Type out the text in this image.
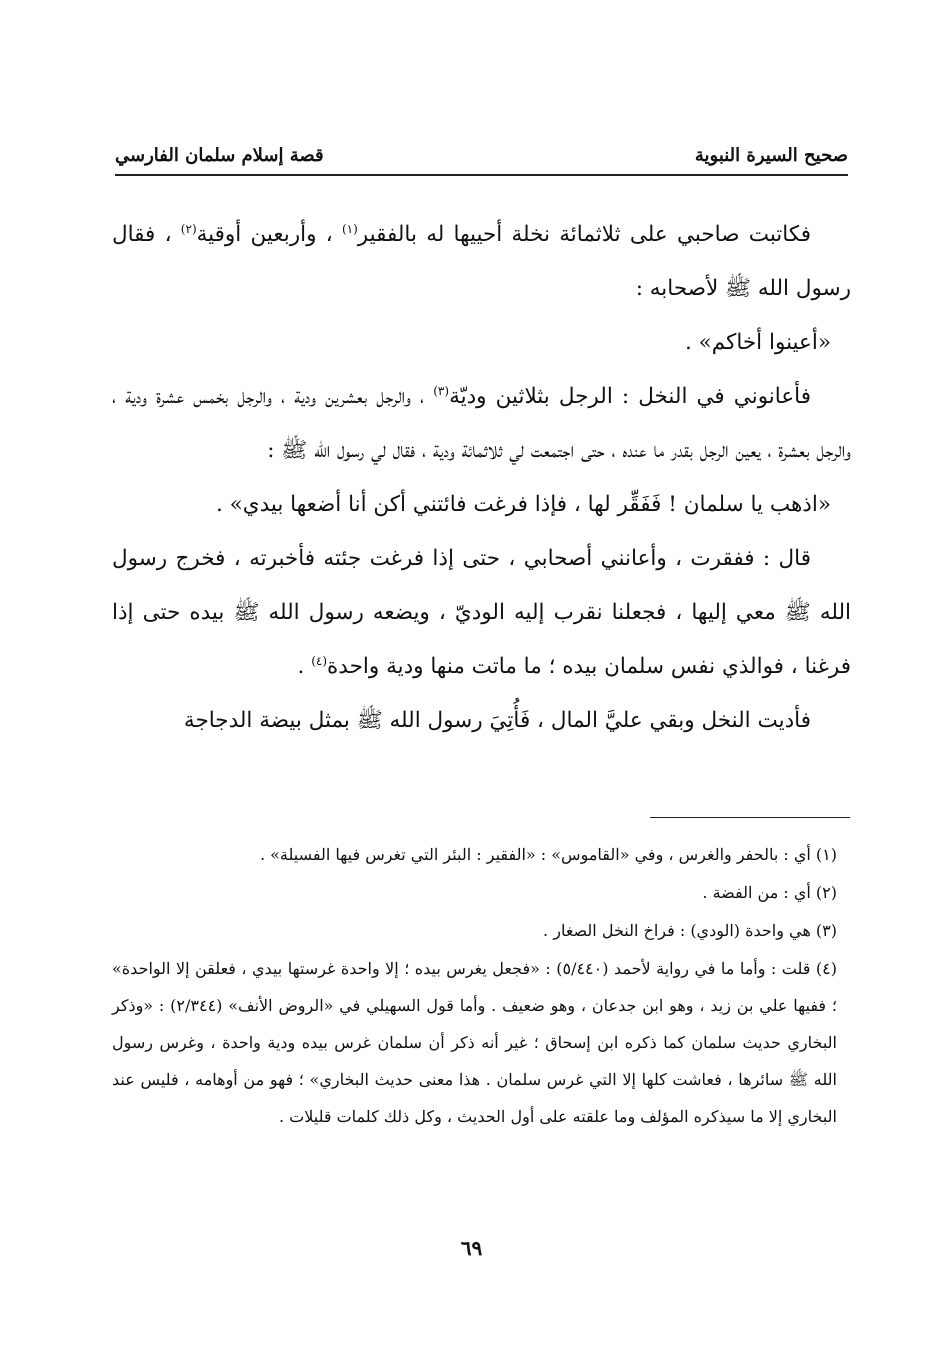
صحيح السيرة النبوية
قصة إسلام سلمان الفارسي

فكاتبت صاحبي على ثلاثمائة نخلة أحييها له بالفقير$^{(١)}$ ، وأربعين أوقية$^{(٢)}$ ، فقال رسول الله ﷺ لأصحابه :

«أعينوا أخاكم» .

فأعانوني في النخل : الرجل بثلاثين وديّة$^{(٣)}$ ، والرجل بعشرين ودية ، والرجل بخمس عشرة ودية ، والرجل بعشرة ، يعين الرجل بقدر ما عنده ، حتى اجتمعت لي ثلاثمائة ودية ، فقال لي رسول الله ﷺ :

«اذهب يا سلمان ! فَفَقِّر لها ، فإذا فرغت فائتني أكن أنا أضعها بيدي» .

قال : ففقرت ، وأعانني أصحابي ، حتى إذا فرغت جئته فأخبرته ، فخرج رسول الله ﷺ معي إليها ، فجعلنا نقرب إليه الوديّ ، ويضعه رسول الله ﷺ بيده حتى إذا فرغنا ، فوالذي نفس سلمان بيده ؛ ما ماتت منها ودية واحدة$^{(٤)}$ .

فأديت النخل وبقي عليَّ المال ، فَأُتِيَ رسول الله ﷺ بمثل بيضة الدجاجة

(١) أي : بالحفر والغرس ، وفي «القاموس» : «الفقير : البئر التي تغرس فيها الفسيلة» .

(٢) أي : من الفضة .

(٣) هي واحدة (الودي) : فراخ النخل الصغار .

(٤) قلت : وأما ما في رواية لأحمد (٥/٤٤٠) : «فجعل يغرس بيده ؛ إلا واحدة غرستها بيدي ، فعلقن إلا الواحدة» ؛ ففيها علي بن زيد ، وهو ابن جدعان ، وهو ضعيف . وأما قول السهيلي في «الروض الأنف» (٢/٣٤٤) : «وذكر البخاري حديث سلمان كما ذكره ابن إسحاق ؛ غير أنه ذكر أن سلمان غرس بيده ودية واحدة ، وغرس رسول الله ﷺ سائرها ، فعاشت كلها إلا التي غرس سلمان . هذا معنى حديث البخاري» ؛ فهو من أوهامه ، فليس عند البخاري إلا ما سيذكره المؤلف وما علقته على أول الحديث ، وكل ذلك كلمات قليلات .

٦٩
